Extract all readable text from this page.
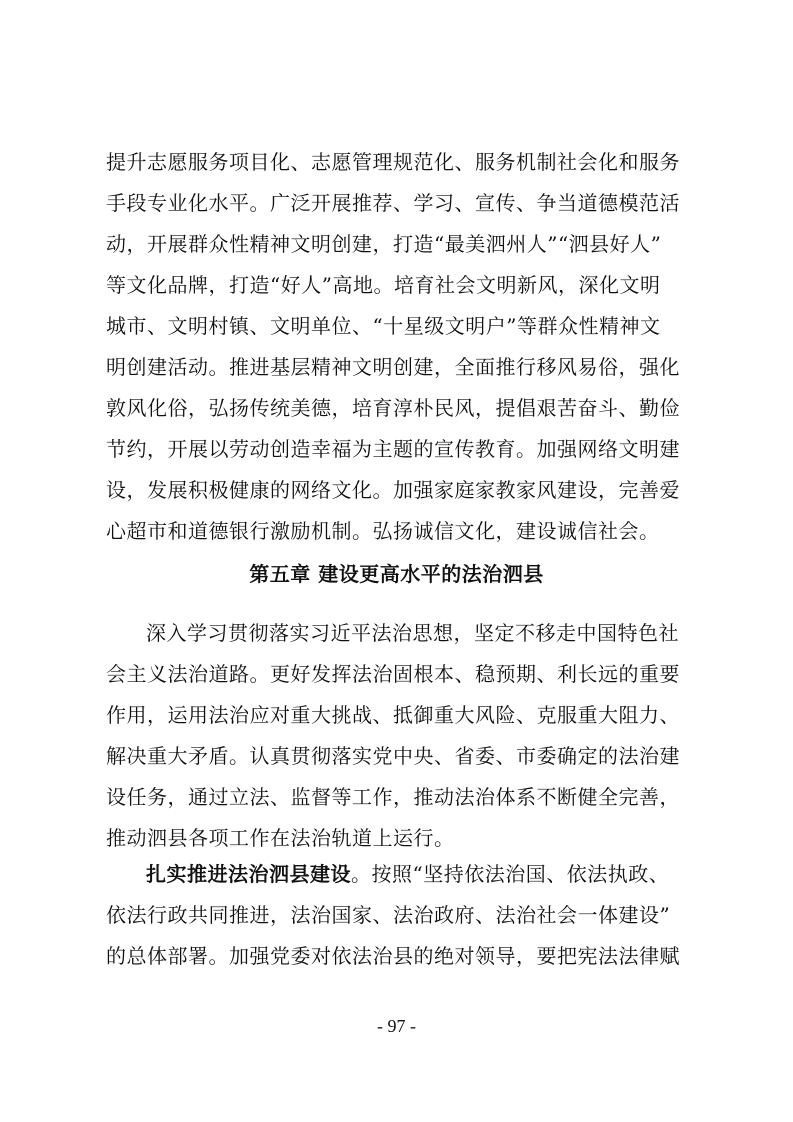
提升志愿服务项目化、志愿管理规范化、服务机制社会化和服务
手段专业化水平。广泛开展推荐、学习、宣传、争当道德模范活
动，开展群众性精神文明创建，打造“最美泗州人”“泗县好人”
等文化品牌，打造“好人”高地。培育社会文明新风，深化文明
城市、文明村镇、文明单位、“十星级文明户”等群众性精神文
明创建活动。推进基层精神文明创建，全面推行移风易俗，强化
敦风化俗，弘扬传统美德，培育淳朴民风，提倡艰苦奋斗、勤俭
节约，开展以劳动创造幸福为主题的宣传教育。加强网络文明建
设，发展积极健康的网络文化。加强家庭家教家风建设，完善爱
心超市和道德银行激励机制。弘扬诚信文化，建设诚信社会。
第五章 建设更高水平的法治泗县
深入学习贯彻落实习近平法治思想，坚定不移走中国特色社
会主义法治道路。更好发挥法治固根本、稳预期、利长远的重要
作用，运用法治应对重大挑战、抵御重大风险、克服重大阻力、
解决重大矛盾。认真贯彻落实党中央、省委、市委确定的法治建
设任务，通过立法、监督等工作，推动法治体系不断健全完善，
推动泗县各项工作在法治轨道上运行。
扎实推进法治泗县建设。按照“坚持依法治国、依法执政、
依法行政共同推进，法治国家、法治政府、法治社会一体建设”
的总体部署。加强党委对依法治县的绝对领导，要把宪法法律赋
- 97 -
